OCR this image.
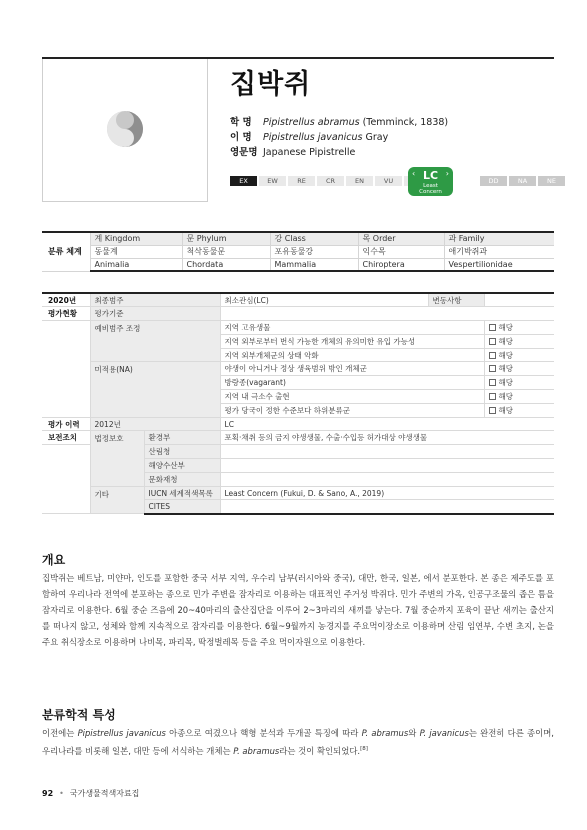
집박쥐
학 명	Pipistrellus abramus (Temminck, 1838)
이 명	Pipistrellus javanicus Gray
영문명 Japanese Pipistrelle
EX	EW	RE	CR	EN	VU	DD	NA	NE
‹	›
LC
Least
Concern
분류 체계	계 Kingdom	문 Phylum	강 Class	목 Order	과 Family
	동물계	척삭동물문	포유동물강	익수목	애기박쥐과
	Animalia	Chordata	Mammalia	Chiroptera	Vespertilionidae
2020년	최종범주		최소관심(LC)	변동사항	
평가현황	평가기준				
	예비범주 조정		지역 고유생물		해당
			지역 외부로부터 번식 가능한 개체의 유의미한 유입 가능성		해당
			지역 외부개체군의 상태 악화		해당
	미적용(NA)		야생이 아니거나 정상 생육범위 밖인 개체군		해당
			방랑종(vagarant)		해당
			지역 내 극소수 출현		해당
			평가 당국이 정한 수준보다 하위분류군		해당
평가 이력	2012년		LC		
보전조치	법정보호	환경부	포획·채취 등의 금지 야생생물, 수출·수입등 허가대상 야생생물		
		산림청			
		해양수산부			
		문화재청			
	기타	IUCN 세계적색목록	Least Concern (Fukui, D. & Sano, A., 2019)		
		CITES			
개요
집박쥐는 베트남, 미얀마, 인도를 포함한 중국 서부 지역, 우수리 남부(러시아와 중국), 대만, 한국, 일본, 에서 분포한다. 본 종은 제주도를 포함하여 우리나라 전역에 분포하는 종으로 민가 주변을 잠자리로 이용하는 대표적인 주거성 박쥐다. 민가 주변의 가옥, 인공구조물의 좁은 틈을 잠자리로 이용한다. 6월 중순 즈음에 20~40마리의 출산집단을 이루어 2~3마리의 새끼를 낳는다. 7월 중순까지 포육이 끝난 새끼는 출산지를 떠나지 않고, 성체와 함께 지속적으로 잠자리를 이용한다. 6월~9월까지 농경지를 주요먹이장소로 이용하며 산림 임연부, 수변 초지, 논을 주요 취식장소로 이용하며 나비목, 파리목, 딱정벌레목 등을 주요 먹이자원으로 이용한다.
분류학적 특성
이전에는 Pipistrellus javanicus 아종으로 여겼으나 핵형 분석과 두개골 특징에 따라 P. abramus와 P. javanicus는 완전히 다른 종이며, 우리나라를 비롯해 일본, 대만 등에 서식하는 개체는 P. abramus라는 것이 확인되었다.[8]
92 • 국가생물적색자료집
